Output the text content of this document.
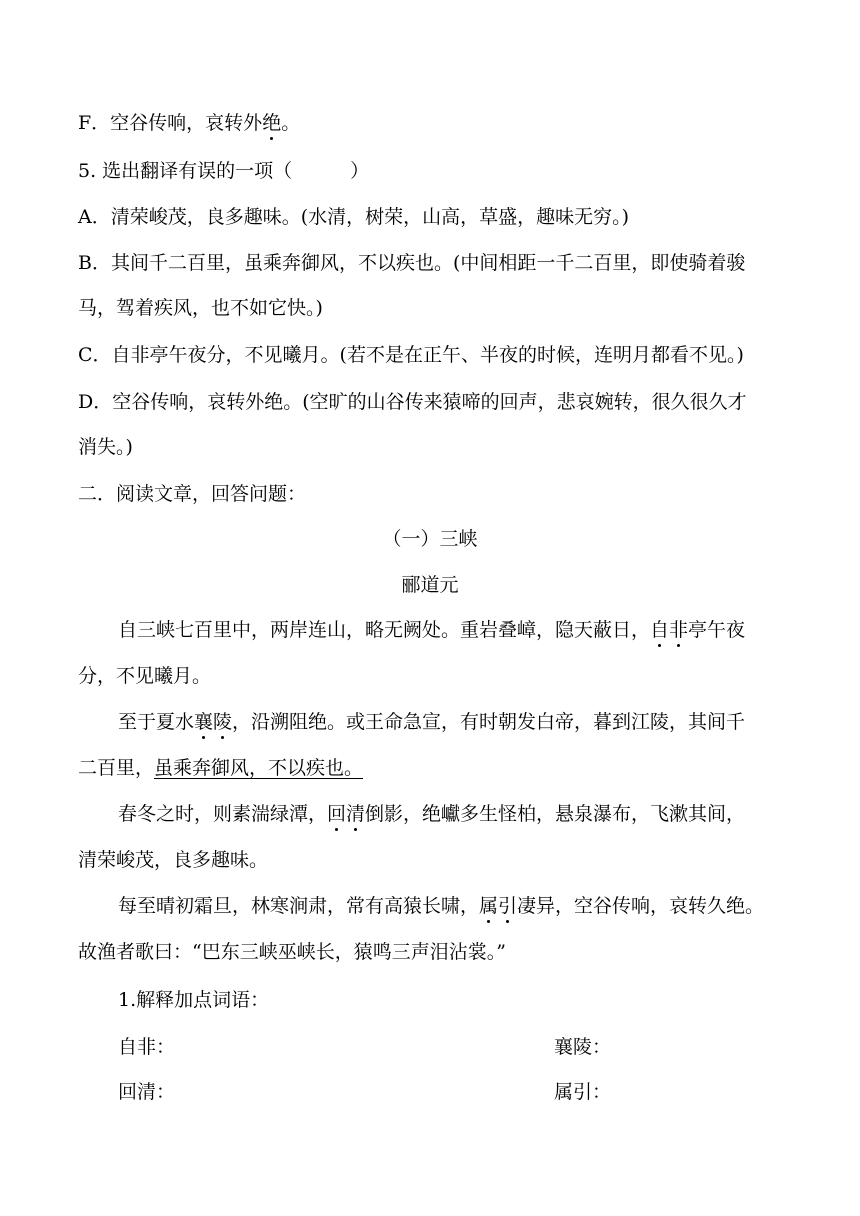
F．空谷传响，哀转外绝。
5. 选出翻译有误的一项（	）
A．清荣峻茂，良多趣味。(水清，树荣，山高，草盛，趣味无穷。)
B．其间千二百里，虽乘奔御风，不以疾也。(中间相距一千二百里，即使骑着骏
马，驾着疾风，也不如它快。)
C．自非亭午夜分，不见曦月。(若不是在正午、半夜的时候，连明月都看不见。)
D．空谷传响，哀转外绝。(空旷的山谷传来猿啼的回声，悲哀婉转，很久很久才
消失。)
二．阅读文章，回答问题：
（一）三峡
郦道元
自三峡七百里中，两岸连山，略无阙处。重岩叠嶂，隐天蔽日，自非亭午夜
分，不见曦月。
至于夏水襄陵，沿溯阻绝。或王命急宣，有时朝发白帝，暮到江陵，其间千
二百里，虽乘奔御风，不以疾也。
春冬之时，则素湍绿潭，回清倒影，绝巘多生怪柏，悬泉瀑布，飞漱其间，
清荣峻茂，良多趣味。
每至晴初霜旦，林寒涧肃，常有高猿长啸，属引凄异，空谷传响，哀转久绝。
故渔者歌曰：“巴东三峡巫峡长，猿鸣三声泪沾裳。”
1.解释加点词语：
自非：	襄陵：
回清：	属引：
